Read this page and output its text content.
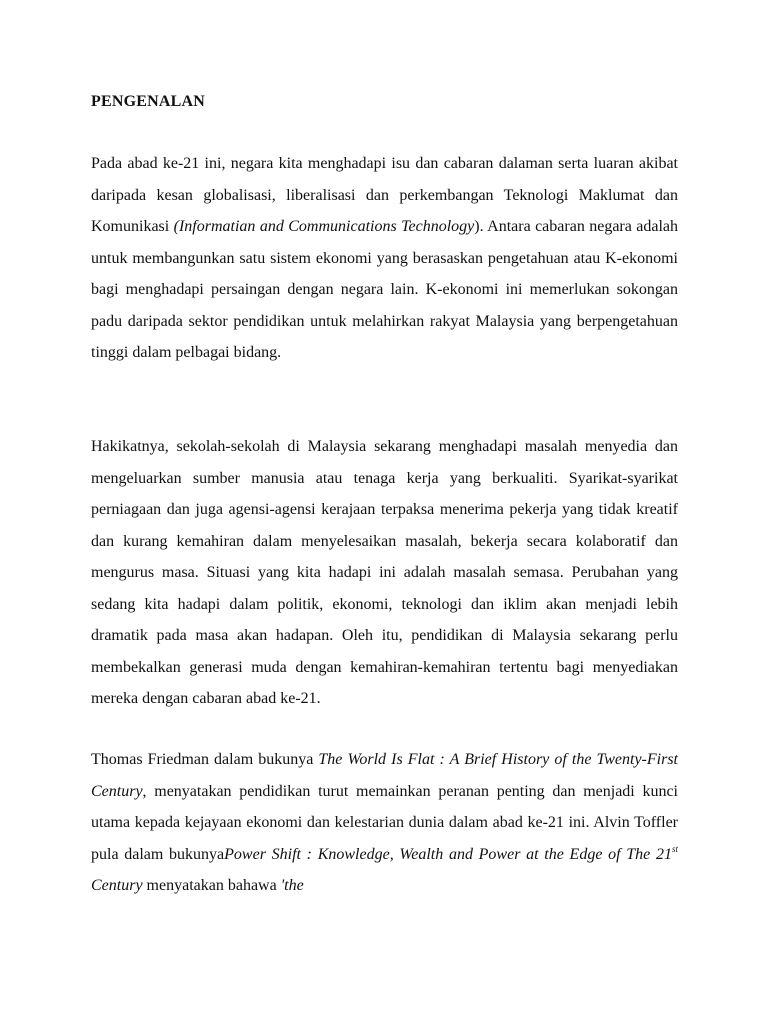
PENGENALAN

Pada abad ke-21 ini, negara kita menghadapi isu dan cabaran dalaman serta luaran akibat daripada kesan globalisasi, liberalisasi dan perkembangan Teknologi Maklumat dan Komunikasi (Informatian and Communications Technology). Antara cabaran negara adalah untuk membangunkan satu sistem ekonomi yang berasaskan pengetahuan atau K-ekonomi bagi menghadapi persaingan dengan negara lain. K-ekonomi ini memerlukan sokongan padu daripada sektor pendidikan untuk melahirkan rakyat Malaysia yang berpengetahuan tinggi dalam pelbagai bidang.

Hakikatnya, sekolah-sekolah di Malaysia sekarang menghadapi masalah menyedia dan mengeluarkan sumber manusia atau tenaga kerja yang berkualiti. Syarikat-syarikat perniagaan dan juga agensi-agensi kerajaan terpaksa menerima pekerja yang tidak kreatif dan kurang kemahiran dalam menyelesaikan masalah, bekerja secara kolaboratif dan mengurus masa. Situasi yang kita hadapi ini adalah masalah semasa. Perubahan yang sedang kita hadapi dalam politik, ekonomi, teknologi dan iklim akan menjadi lebih dramatik pada masa akan hadapan. Oleh itu, pendidikan di Malaysia sekarang perlu membekalkan generasi muda dengan kemahiran-kemahiran tertentu bagi menyediakan mereka dengan cabaran abad ke-21.

Thomas Friedman dalam bukunya The World Is Flat : A Brief History of the Twenty-First Century, menyatakan pendidikan turut memainkan peranan penting dan menjadi kunci utama kepada kejayaan ekonomi dan kelestarian dunia dalam abad ke-21 ini. Alvin Toffler pula dalam bukunyaPower Shift : Knowledge, Wealth and Power at the Edge of The 21st Century menyatakan bahawa 'the
